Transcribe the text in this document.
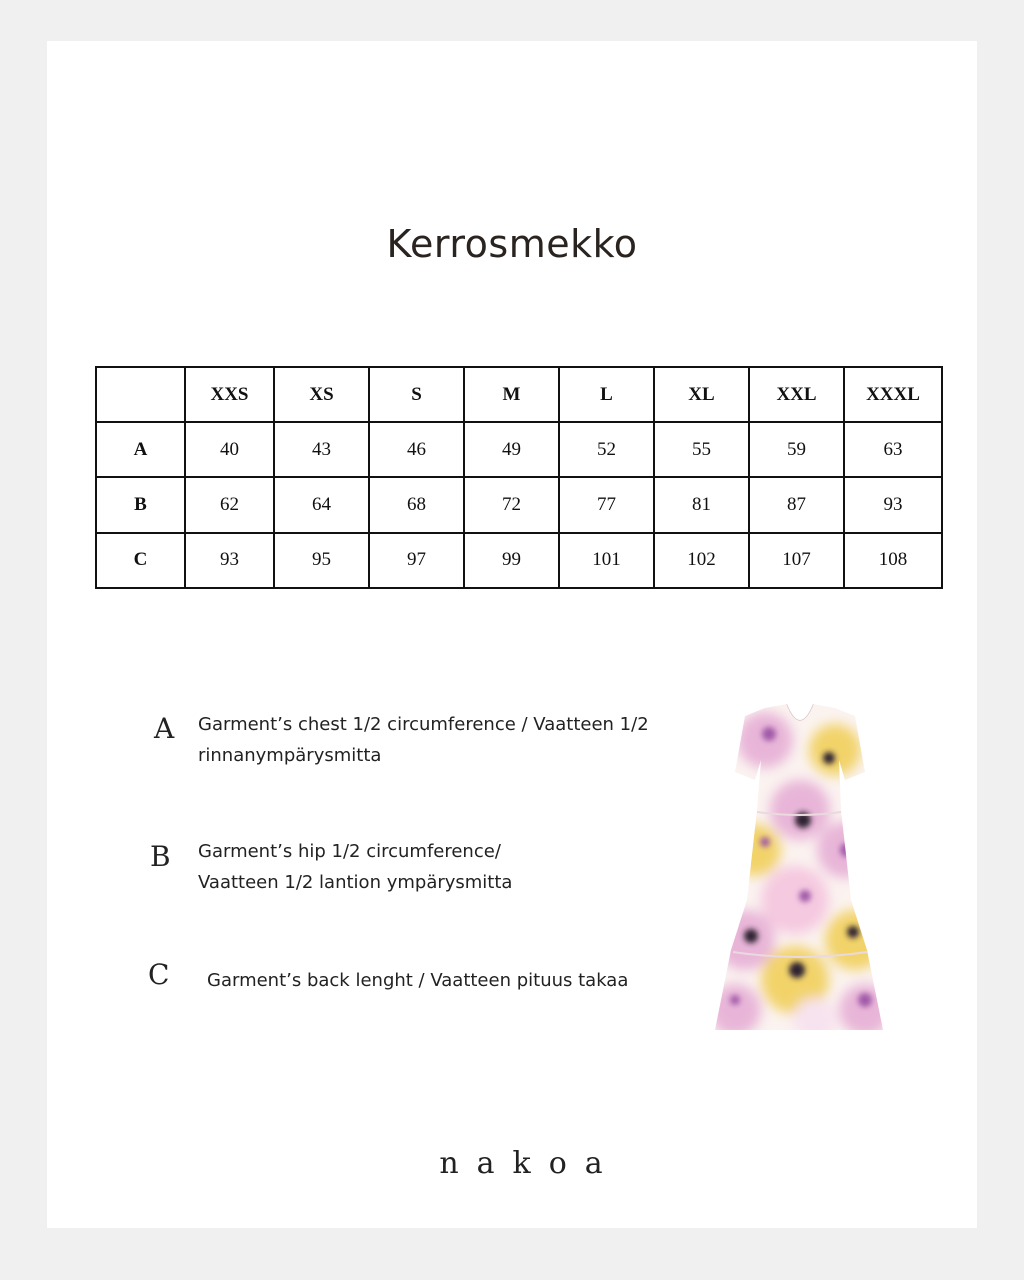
Kerrosmekko
	XXS	XS	S	M	L	XL	XXL	XXXL
A	40	43	46	49	52	55	59	63
B	62	64	68	72	77	81	87	93
C	93	95	97	99	101	102	107	108
A Garment’s chest 1/2 circumference / Vaatteen 1/2
rinnanympärysmitta
B Garment’s hip 1/2 circumference/
Vaatteen 1/2 lantion ympärysmitta
C Garment’s back lenght / Vaatteen pituus takaa
nakoa
